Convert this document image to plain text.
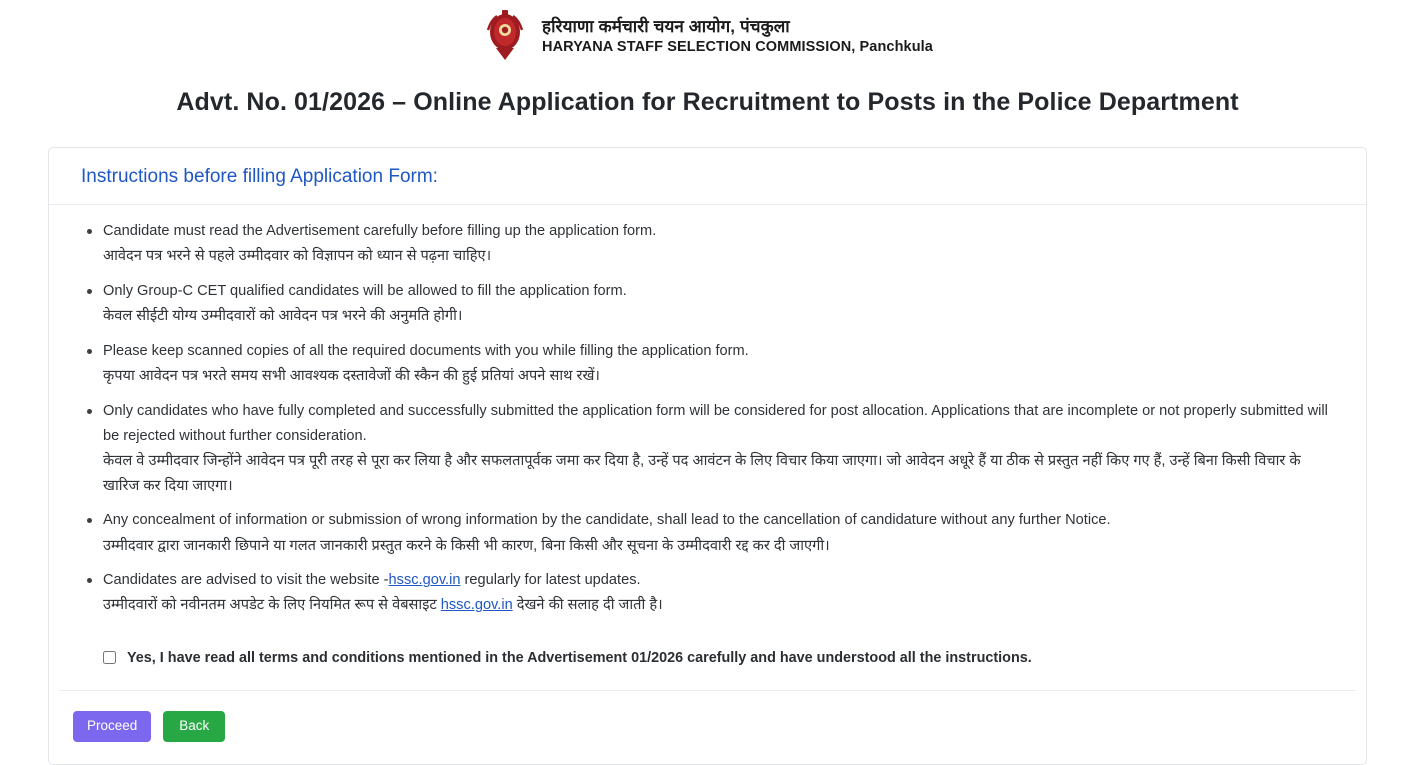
हरियाणा कर्मचारी चयन आयोग, पंचकुला
HARYANA STAFF SELECTION COMMISSION, Panchkula
Advt. No. 01/2026 – Online Application for Recruitment to Posts in the Police Department
Instructions before filling Application Form:
Candidate must read the Advertisement carefully before filling up the application form.
आवेदन पत्र भरने से पहले उम्मीदवार को विज्ञापन को ध्यान से पढ़ना चाहिए।
Only Group-C CET qualified candidates will be allowed to fill the application form.
केवल सीईटी योग्य उम्मीदवारों को आवेदन पत्र भरने की अनुमति होगी।
Please keep scanned copies of all the required documents with you while filling the application form.
कृपया आवेदन पत्र भरते समय सभी आवश्यक दस्तावेजों की स्कैन की हुई प्रतियां अपने साथ रखें।
Only candidates who have fully completed and successfully submitted the application form will be considered for post allocation. Applications that are incomplete or not properly submitted will be rejected without further consideration.
केवल वे उम्मीदवार जिन्होंने आवेदन पत्र पूरी तरह से पूरा कर लिया है और सफलतापूर्वक जमा कर दिया है, उन्हें पद आवंटन के लिए विचार किया जाएगा। जो आवेदन अधूरे हैं या ठीक से प्रस्तुत नहीं किए गए हैं, उन्हें बिना किसी विचार के खारिज कर दिया जाएगा।
Any concealment of information or submission of wrong information by the candidate, shall lead to the cancellation of candidature without any further Notice.
उम्मीदवार द्वारा जानकारी छिपाने या गलत जानकारी प्रस्तुत करने के किसी भी कारण, बिना किसी और सूचना के उम्मीदवारी रद्द कर दी जाएगी।
Candidates are advised to visit the website -hssc.gov.in regularly for latest updates.
उम्मीदवारों को नवीनतम अपडेट के लिए नियमित रूप से वेबसाइट hssc.gov.in देखने की सलाह दी जाती है।
Yes, I have read all terms and conditions mentioned in the Advertisement 01/2026 carefully and have understood all the instructions.
Proceed	Back
